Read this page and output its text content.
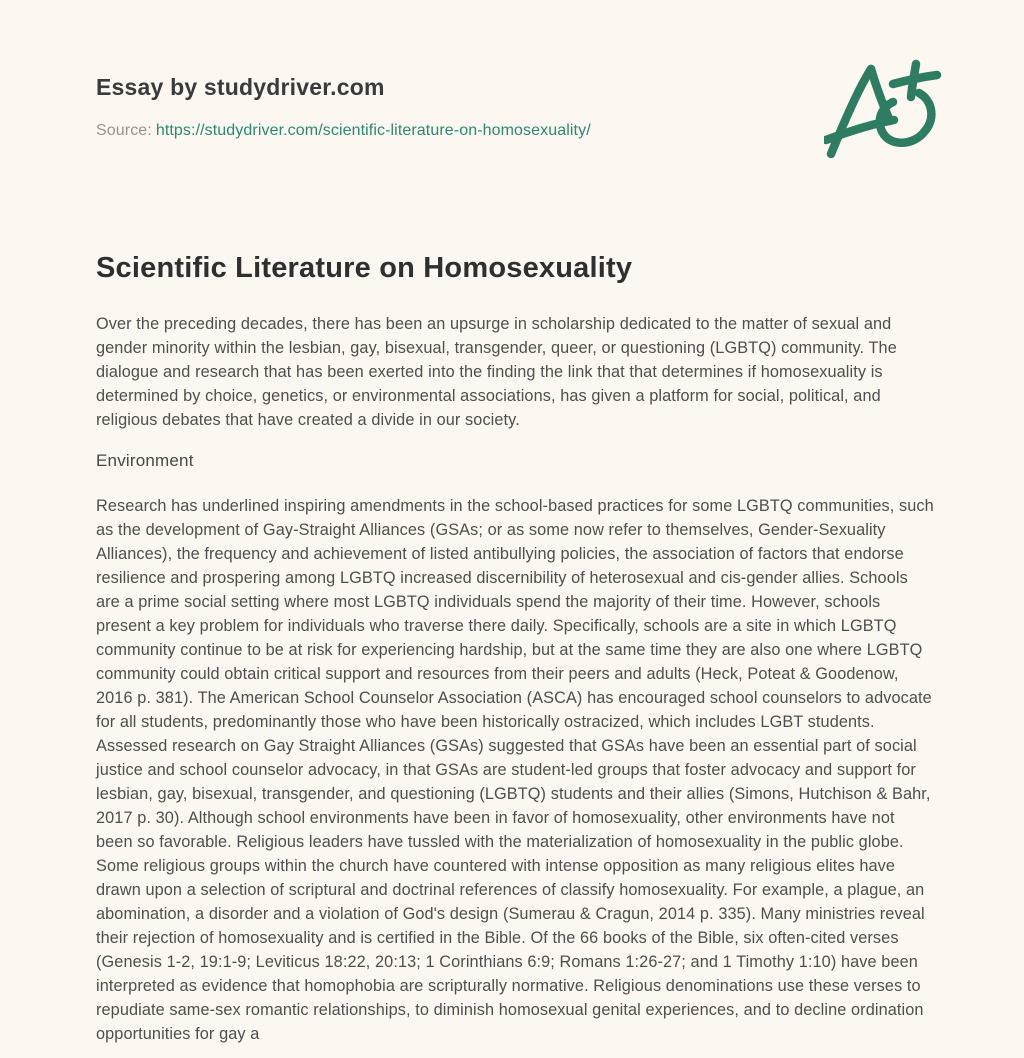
Essay by studydriver.com

Source: https://studydriver.com/scientific-literature-on-homosexuality/

Scientific Literature on Homosexuality

Over the preceding decades, there has been an upsurge in scholarship dedicated to the matter of sexual and gender minority within the lesbian, gay, bisexual, transgender, queer, or questioning (LGBTQ) community. The dialogue and research that has been exerted into the finding the link that that determines if homosexuality is determined by choice, genetics, or environmental associations, has given a platform for social, political, and religious debates that have created a divide in our society.

Environment

Research has underlined inspiring amendments in the school-based practices for some LGBTQ communities, such as the development of Gay-Straight Alliances (GSAs; or as some now refer to themselves, Gender-Sexuality Alliances), the frequency and achievement of listed antibullying policies, the association of factors that endorse resilience and prospering among LGBTQ increased discernibility of heterosexual and cis-gender allies. Schools are a prime social setting where most LGBTQ individuals spend the majority of their time. However, schools present a key problem for individuals who traverse there daily. Specifically, schools are a site in which LGBTQ community continue to be at risk for experiencing hardship, but at the same time they are also one where LGBTQ community could obtain critical support and resources from their peers and adults (Heck, Poteat & Goodenow, 2016 p. 381). The American School Counselor Association (ASCA) has encouraged school counselors to advocate for all students, predominantly those who have been historically ostracized, which includes LGBT students. Assessed research on Gay Straight Alliances (GSAs) suggested that GSAs have been an essential part of social justice and school counselor advocacy, in that GSAs are student-led groups that foster advocacy and support for lesbian, gay, bisexual, transgender, and questioning (LGBTQ) students and their allies (Simons, Hutchison & Bahr, 2017 p. 30). Although school environments have been in favor of homosexuality, other environments have not been so favorable. Religious leaders have tussled with the materialization of homosexuality in the public globe. Some religious groups within the church have countered with intense opposition as many religious elites have drawn upon a selection of scriptural and doctrinal references of classify homosexuality. For example, a plague, an abomination, a disorder and a violation of God's design (Sumerau & Cragun, 2014 p. 335). Many ministries reveal their rejection of homosexuality and is certified in the Bible. Of the 66 books of the Bible, six often-cited verses (Genesis 1-2, 19:1-9; Leviticus 18:22, 20:13; 1 Corinthians 6:9; Romans 1:26-27; and 1 Timothy 1:10) have been interpreted as evidence that homophobia are scripturally normative. Religious denominations use these verses to repudiate same-sex romantic relationships, to diminish homosexual genital experiences, and to decline ordination opportunities for gay a
